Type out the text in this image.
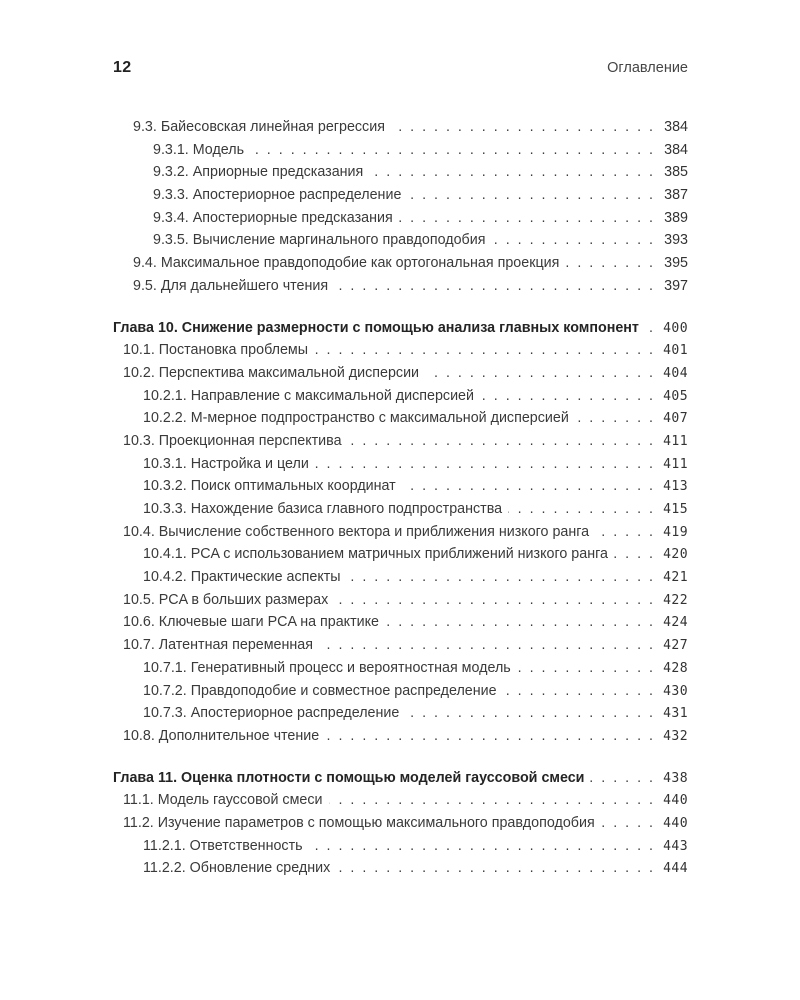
12	Оглавление
9.3. Байесовская линейная регрессия . . .	384
9.3.1. Модель . . .	384
9.3.2. Априорные предсказания . . .	385
9.3.3. Апостериорное распределение . . .	387
9.3.4. Апостериорные предсказания . . .	389
9.3.5. Вычисление маргинального правдоподобия . . .	393
9.4. Максимальное правдоподобие как ортогональная проекция . . .	395
9.5. Для дальнейшего чтения . . .	397
Глава 10. Снижение размерности с помощью анализа главных компонент . . . 400
10.1. Постановка проблемы . . .	401
10.2. Перспектива максимальной дисперсии . . .	404
10.2.1. Направление с максимальной дисперсией . . .	405
10.2.2. М-мерное подпространство с максимальной дисперсией . . .	407
10.3. Проекционная перспектива . . .	411
10.3.1. Настройка и цели . . .	411
10.3.2. Поиск оптимальных координат . . .	413
10.3.3. Нахождение базиса главного подпространства . . .	415
10.4. Вычисление собственного вектора и приближения низкого ранга . . .	419
10.4.1. PCA с использованием матричных приближений низкого ранга . . .	420
10.4.2. Практические аспекты . . .	421
10.5. PCA в больших размерах . . .	422
10.6. Ключевые шаги PCA на практике . . .	424
10.7. Латентная переменная . . .	427
10.7.1. Генеративный процесс и вероятностная модель . . .	428
10.7.2. Правдоподобие и совместное распределение . . .	430
10.7.3. Апостериорное распределение . . .	431
10.8. Дополнительное чтение . . .	432
Глава 11. Оценка плотности с помощью моделей гауссовой смеси . . .	438
11.1. Модель гауссовой смеси . . .	440
11.2. Изучение параметров с помощью максимального правдоподобия . . .	440
11.2.1. Ответственность . . .	443
11.2.2. Обновление средних . . .	444
